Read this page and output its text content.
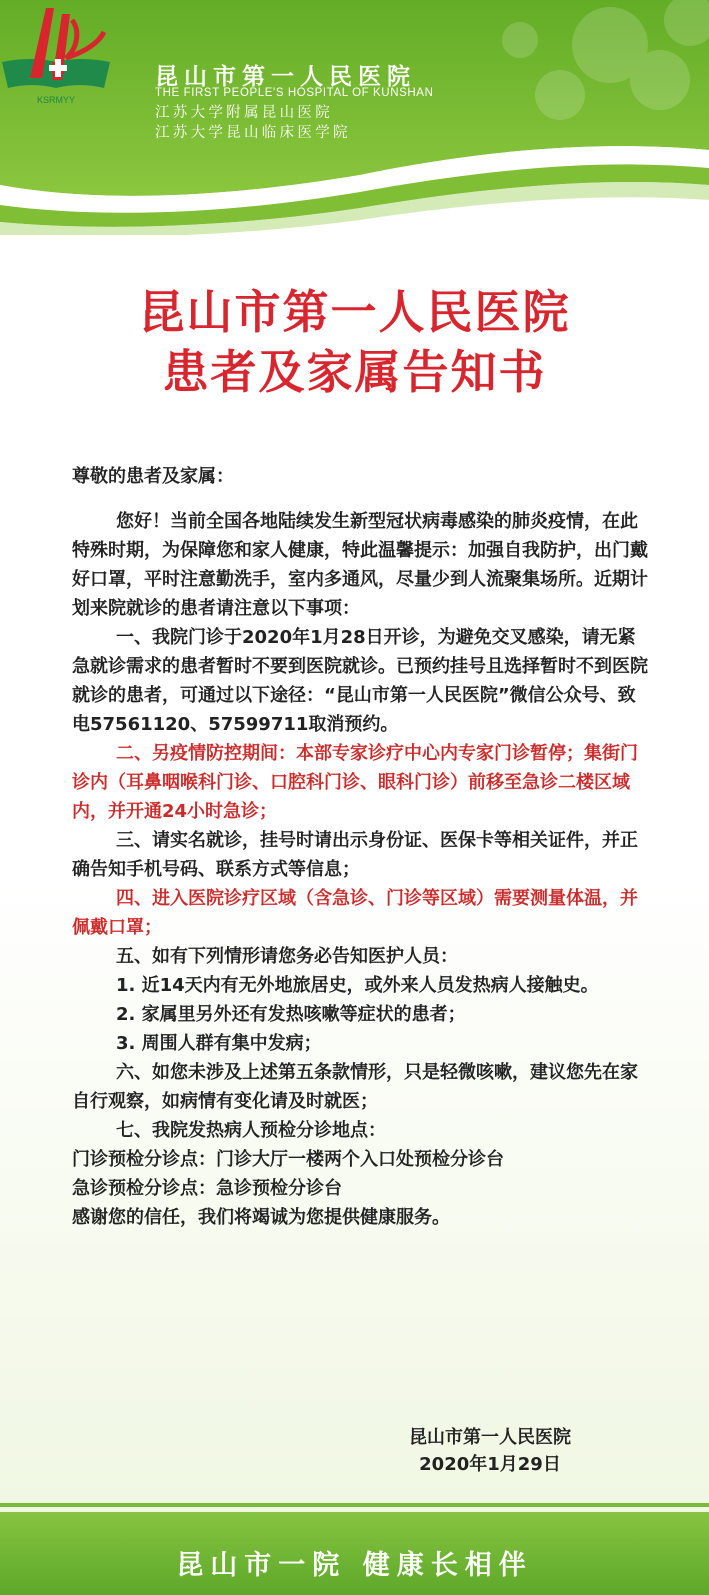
KSRMYY
昆山市第一人民医院
THE FIRST PEOPLE'S HOSPITAL OF KUNSHAN
江苏大学附属昆山医院
江苏大学昆山临床医学院
昆山市第一人民医院
患者及家属告知书

尊敬的患者及家属：

您好！当前全国各地陆续发生新型冠状病毒感染的肺炎疫情，在此特殊时期，为保障您和家人健康，特此温馨提示：加强自我防护，出门戴好口罩，平时注意勤洗手，室内多通风，尽量少到人流聚集场所。近期计划来院就诊的患者请注意以下事项：

一、我院门诊于2020年1月28日开诊，为避免交叉感染，请无紧急就诊需求的患者暂时不要到医院就诊。已预约挂号且选择暂时不到医院就诊的患者，可通过以下途径：“昆山市第一人民医院”微信公众号、致电57561120、57599711取消预约。

二、另疫情防控期间：本部专家诊疗中心内专家门诊暂停；集街门诊内（耳鼻咽喉科门诊、口腔科门诊、眼科门诊）前移至急诊二楼区域内，并开通24小时急诊；

三、请实名就诊，挂号时请出示身份证、医保卡等相关证件，并正确告知手机号码、联系方式等信息；

四、进入医院诊疗区域（含急诊、门诊等区域）需要测量体温，并佩戴口罩；

五、如有下列情形请您务必告知医护人员：

1. 近14天内有无外地旅居史，或外来人员发热病人接触史。

2. 家属里另外还有发热咳嗽等症状的患者；

3. 周围人群有集中发病；

六、如您未涉及上述第五条款情形，只是轻微咳嗽，建议您先在家自行观察，如病情有变化请及时就医；

七、我院发热病人预检分诊地点：

门诊预检分诊点：门诊大厅一楼两个入口处预检分诊台

急诊预检分诊点：急诊预检分诊台

感谢您的信任，我们将竭诚为您提供健康服务。

昆山市第一人民医院
2020年1月29日
昆山市一院 健康长相伴
